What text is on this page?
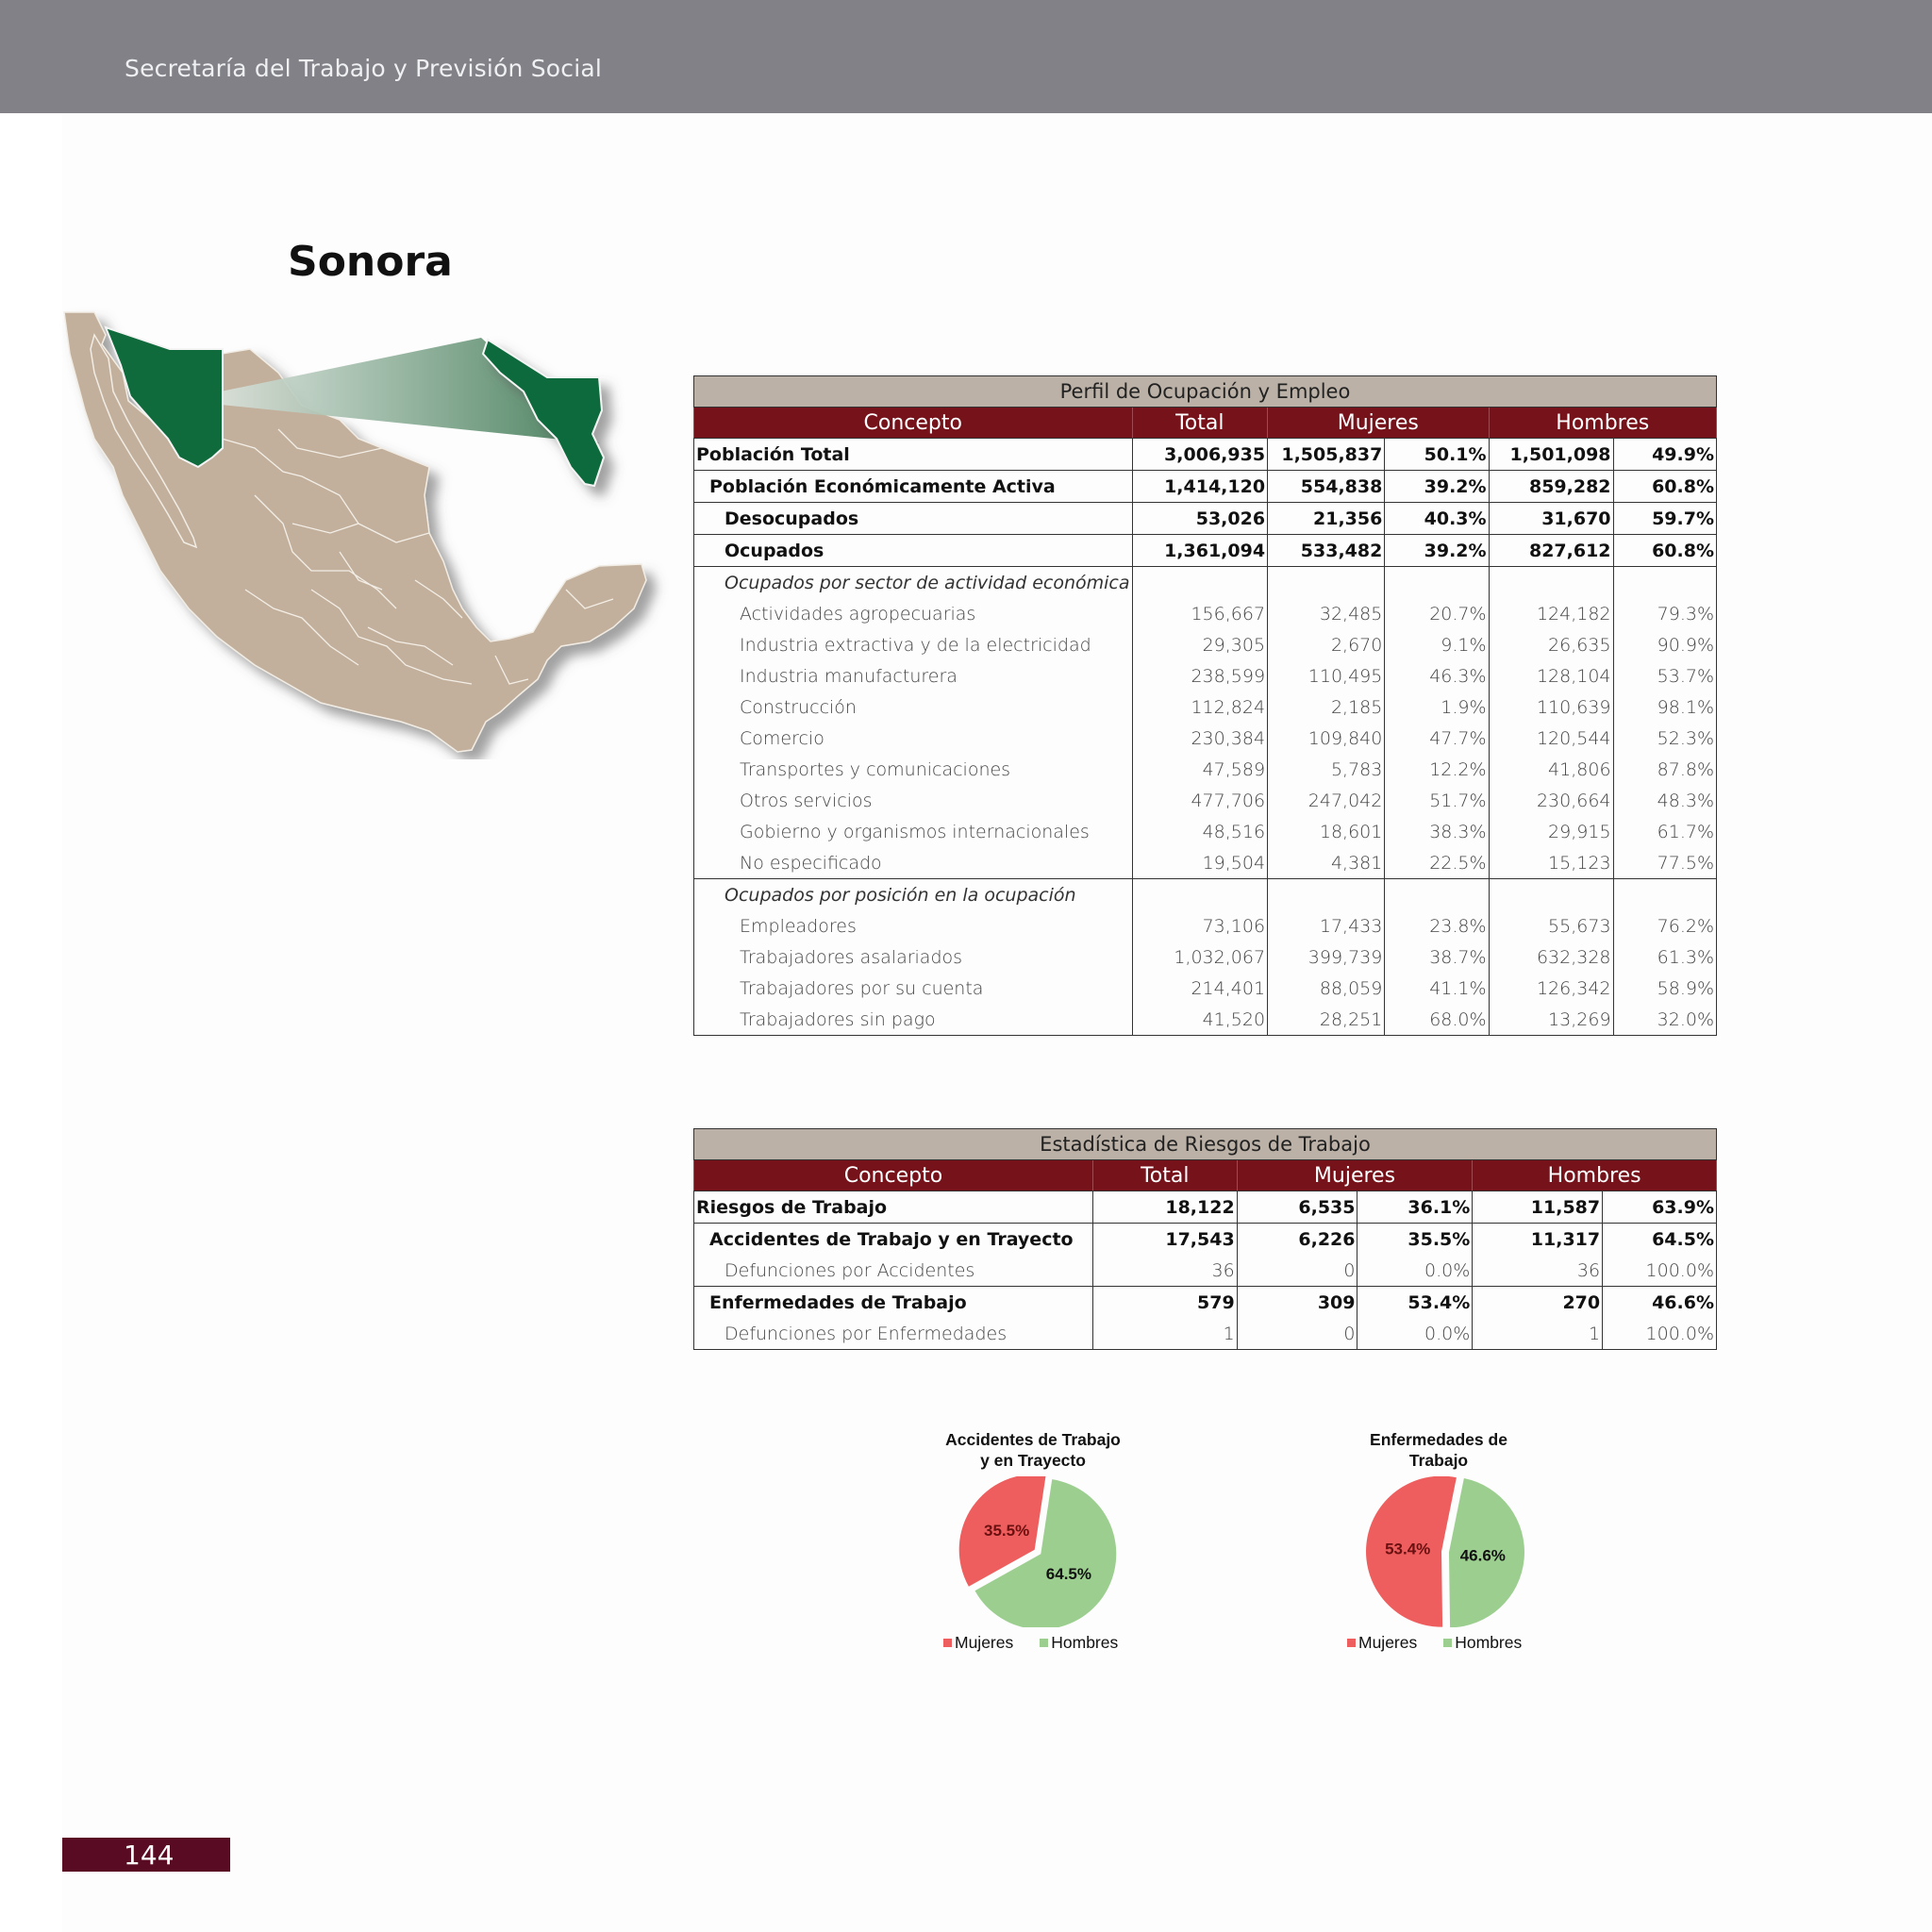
Secretaría del Trabajo y Previsión Social
Sonora
Perfil de Ocupación y Empleo					
Concepto	Total	Mujeres		Hombres	
Población Total	3,006,935	1,505,837	50.1%	1,501,098	49.9%
Población Económicamente Activa	1,414,120	554,838	39.2%	859,282	60.8%
Desocupados	53,026	21,356	40.3%	31,670	59.7%
Ocupados	1,361,094	533,482	39.2%	827,612	60.8%
Ocupados por sector de actividad económica					
Actividades agropecuarias	156,667	32,485	20.7%	124,182	79.3%
Industria extractiva y de la electricidad	29,305	2,670	9.1%	26,635	90.9%
Industria manufacturera	238,599	110,495	46.3%	128,104	53.7%
Construcción	112,824	2,185	1.9%	110,639	98.1%
Comercio	230,384	109,840	47.7%	120,544	52.3%
Transportes y comunicaciones	47,589	5,783	12.2%	41,806	87.8%
Otros servicios	477,706	247,042	51.7%	230,664	48.3%
Gobierno y organismos internacionales	48,516	18,601	38.3%	29,915	61.7%
No especificado	19,504	4,381	22.5%	15,123	77.5%
Ocupados por posición en la ocupación					
Empleadores	73,106	17,433	23.8%	55,673	76.2%
Trabajadores asalariados	1,032,067	399,739	38.7%	632,328	61.3%
Trabajadores por su cuenta	214,401	88,059	41.1%	126,342	58.9%
Trabajadores sin pago	41,520	28,251	68.0%	13,269	32.0%
Estadística de Riesgos de Trabajo					
Concepto	Total	Mujeres		Hombres	
Riesgos de Trabajo	18,122	6,535	36.1%	11,587	63.9%
Accidentes de Trabajo y en Trayecto	17,543	6,226	35.5%	11,317	64.5%
Defunciones por Accidentes	36	0	0.0%	36	100.0%
Enfermedades de Trabajo	579	309	53.4%	270	46.6%
Defunciones por Enfermedades	1	0	0.0%	1	100.0%
Accidentes de Trabajo
y en Trayecto
35.5%
64.5%
Mujeres Hombres
Enfermedades de
Trabajo
53.4% 46.6%
Mujeres Hombres
144
